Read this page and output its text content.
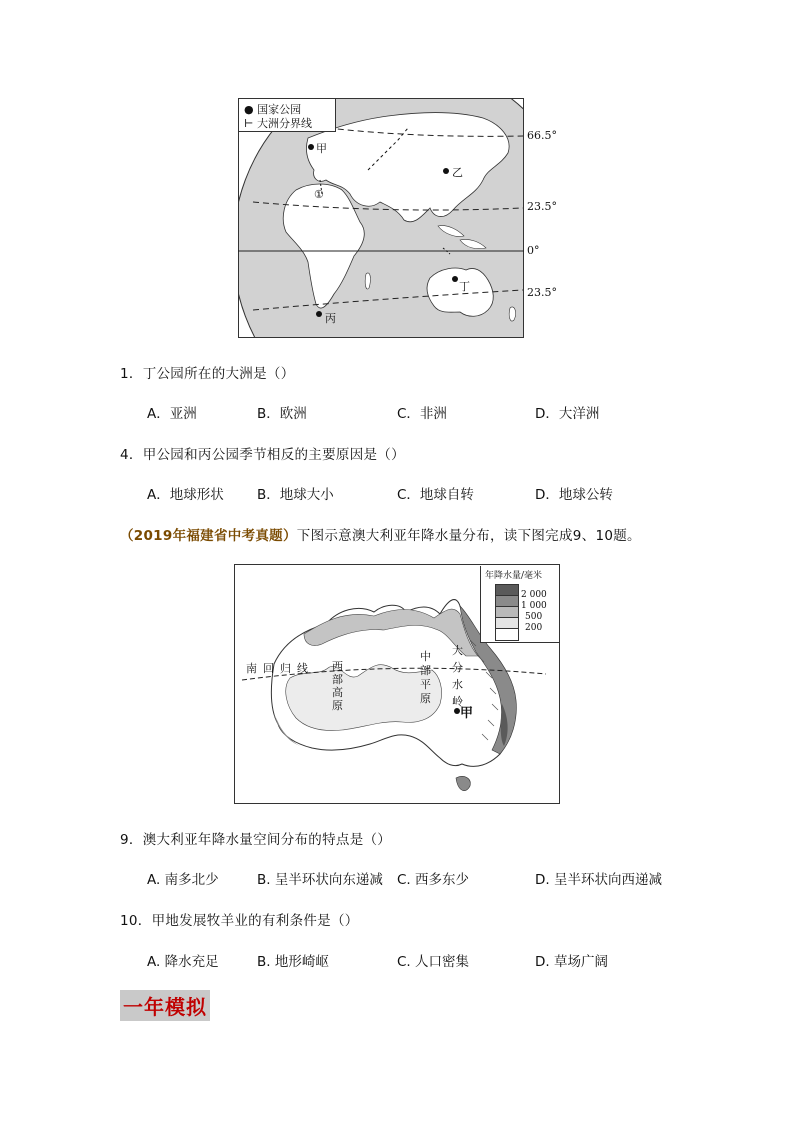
● 国家公园
⊢ 大洲分界线
甲
乙
丙
丁
①
66.5°
23.5°
0°
23.5°
1．丁公园所在的大洲是（）
A．亚洲	B．欧洲	C．非洲	D．大洋洲
4．甲公园和丙公园季节相反的主要原因是（）
A．地球形状 B．地球大小	C．地球自转	D．地球公转
（2019年福建省中考真题）下图示意澳大利亚年降水量分布，读下图完成9、10题。
年降水量/毫米
2 000
1 000
500
200
南回归线 西部高原
中部平原
大分水岭
甲
9．澳大利亚年降水量空间分布的特点是（）
A. 南多北少	B. 呈半环状向东递减 C. 西多东少	D. 呈半环状向西递减
10．甲地发展牧羊业的有利条件是（）
A. 降水充足	B. 地形崎岖	C. 人口密集	D. 草场广阔
一年模拟
